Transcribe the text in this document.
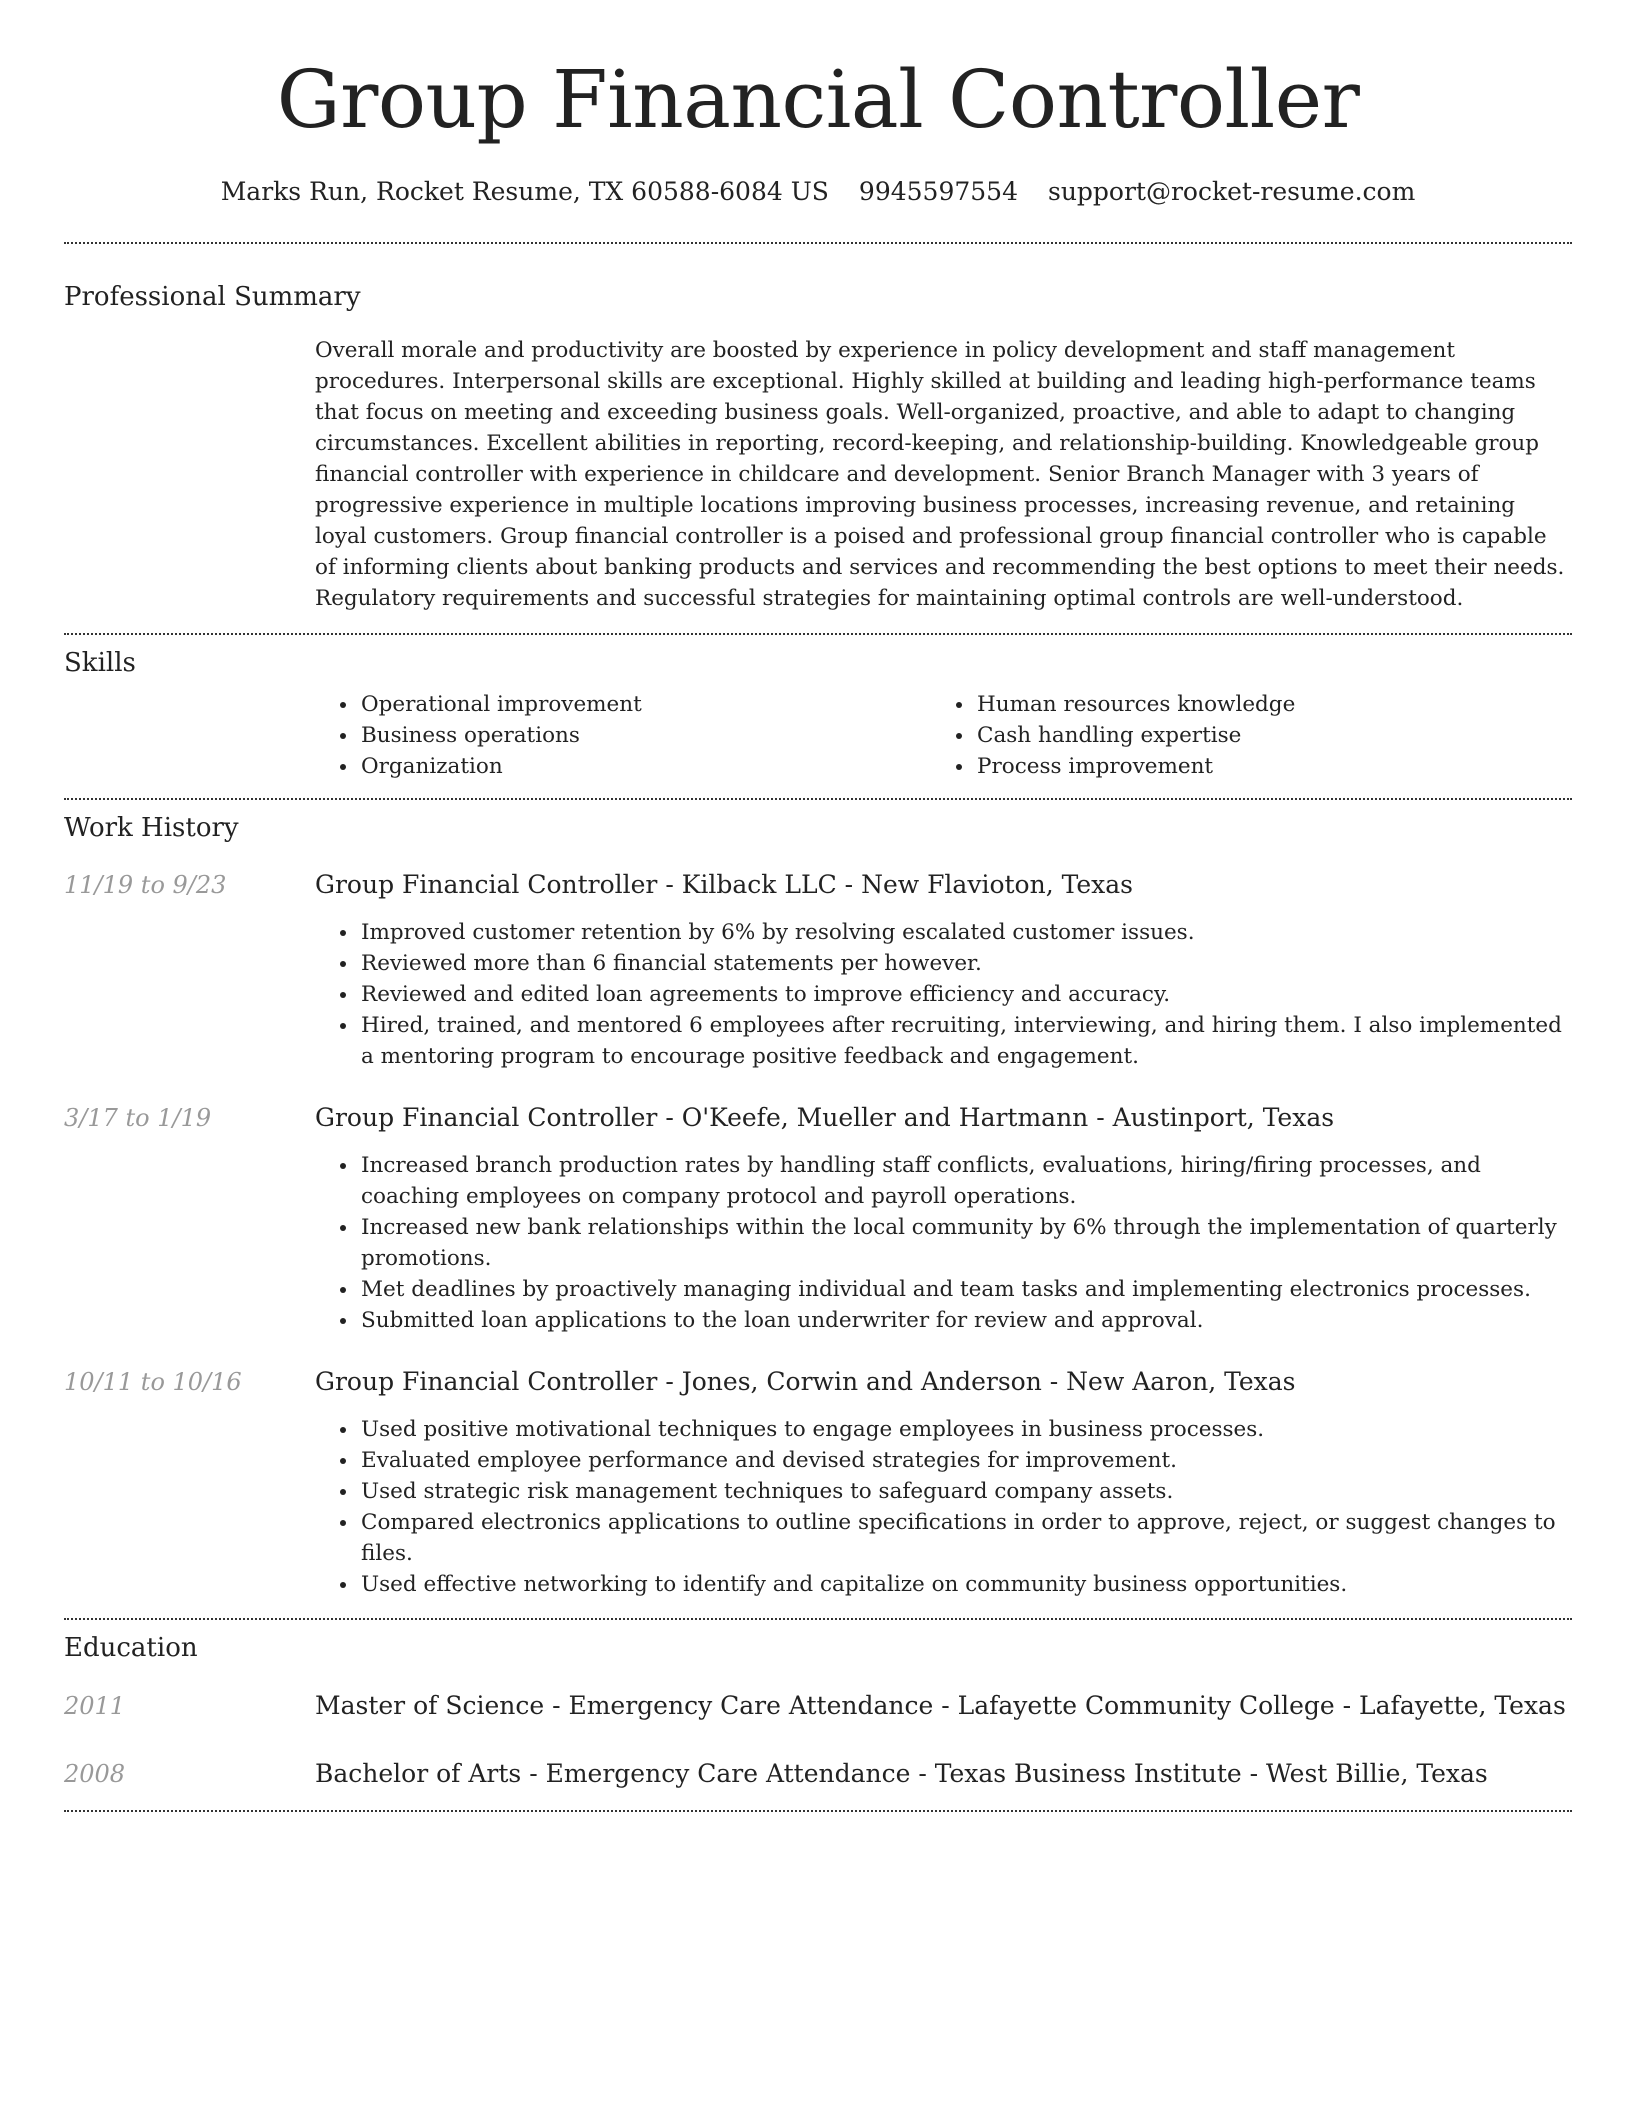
Group Financial Controller
Marks Run, Rocket Resume, TX 60588-6084 US 9945597554 support@rocket-resume.com
Professional Summary

Overall morale and productivity are boosted by experience in policy development and staff management procedures. Interpersonal skills are exceptional. Highly skilled at building and leading high-performance teams that focus on meeting and exceeding business goals. Well-organized, proactive, and able to adapt to changing circumstances. Excellent abilities in reporting, record-keeping, and relationship-building. Knowledgeable group financial controller with experience in childcare and development. Senior Branch Manager with 3 years of progressive experience in multiple locations improving business processes, increasing revenue, and retaining loyal customers. Group financial controller is a poised and professional group financial controller who is capable of informing clients about banking products and services and recommending the best options to meet their needs. Regulatory requirements and successful strategies for maintaining optimal controls are well-understood.

Skills
• Operational improvement
• Business operations
• Organization
• Human resources knowledge
• Cash handling expertise
• Process improvement
Work History
11/19 to 9/23	Group Financial Controller - Kilback LLC - New Flavioton, Texas
• Improved customer retention by 6% by resolving escalated customer issues.
• Reviewed more than 6 financial statements per however.
• Reviewed and edited loan agreements to improve efficiency and accuracy.
• Hired, trained, and mentored 6 employees after recruiting, interviewing, and hiring them. I also implemented a mentoring program to encourage positive feedback and engagement.
3/17 to 1/19	Group Financial Controller - O'Keefe, Mueller and Hartmann - Austinport, Texas
• Increased branch production rates by handling staff conflicts, evaluations, hiring/firing processes, and coaching employees on company protocol and payroll operations.
• Increased new bank relationships within the local community by 6% through the implementation of quarterly promotions.
• Met deadlines by proactively managing individual and team tasks and implementing electronics processes.
• Submitted loan applications to the loan underwriter for review and approval.
10/11 to 10/16	Group Financial Controller - Jones, Corwin and Anderson - New Aaron, Texas
• Used positive motivational techniques to engage employees in business processes.
• Evaluated employee performance and devised strategies for improvement.
• Used strategic risk management techniques to safeguard company assets.
• Compared electronics applications to outline specifications in order to approve, reject, or suggest changes to files.
• Used effective networking to identify and capitalize on community business opportunities.
Education
2011	Master of Science - Emergency Care Attendance - Lafayette Community College - Lafayette, Texas
2008	Bachelor of Arts - Emergency Care Attendance - Texas Business Institute - West Billie, Texas
